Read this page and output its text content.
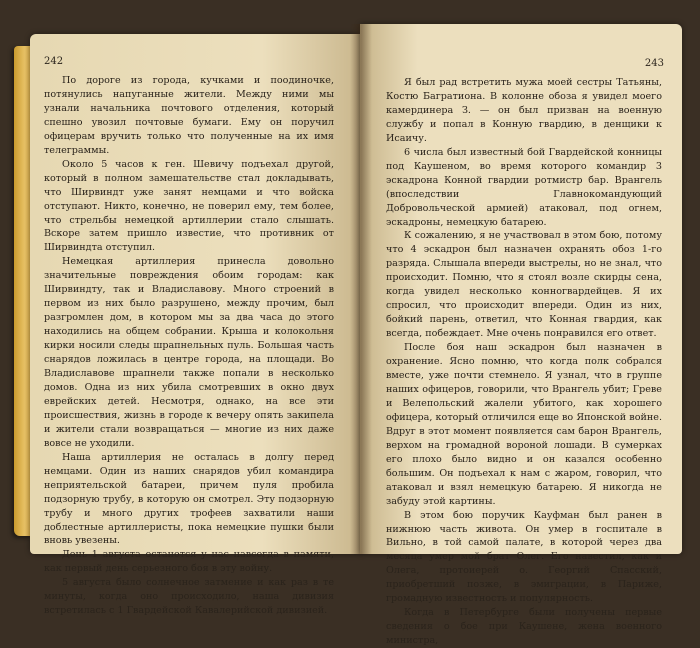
242

По дороге из города, кучками и поодиночке, потянулись напуганные жители. Между ними мы узнали начальника почтового отделения, который спешно увозил почтовые бумаги. Ему он поручил офицерам вручить только что полученные на их имя телеграммы.

Около 5 часов к ген. Шевичу подъехал другой, который в полном замешательстве стал докладывать, что Ширвиндт уже занят немцами и что войска отступают. Никто, конечно, не поверил ему, тем более, что стрельбы немецкой артиллерии стало слышать. Вскоре затем пришло известие, что противник от Ширвиндта отступил.

Немецкая артиллерия принесла довольно значительные повреждения обоим городам: как Ширвиндту, так и Владиславову. Много строений в первом из них было разрушено, между прочим, был разгромлен дом, в котором мы за два часа до этого находились на общем собрании. Крыша и колокольня кирки носили следы шрапнельных пуль. Большая часть снарядов ложилась в центре города, на площади. Во Владиславове шрапнели также попали в несколько домов. Одна из них убила смотревших в окно двух еврейских детей. Несмотря, однако, на все эти происшествия, жизнь в городе к вечеру опять закипела и жители стали возвращаться — многие из них даже вовсе не уходили.

Наша артиллерия не осталась в долгу перед немцами. Один из наших снарядов убил командира неприятельской батареи, причем пуля пробила подзорную трубу, в которую он смотрел. Эту подзорную трубу и много других трофеев захватили наши доблестные артиллеристы, пока немецкие пушки были вновь увезены.

День 1 августа останется у нас навсегда в памяти, как первый день серьезного боя в эту войну.

5 августа было солнечное затмение и как раз в те минуты, когда оно происходило, наша дивизия встретилась с 1 Гвардейской Кавалерийской дивизией.

243

Я был рад встретить мужа моей сестры Татьяны, Костю Багратиона. В колонне обоза я увидел моего камердинера З. — он был призван на военную службу и попал в Конную гвардию, в денщики к Исаичу.

6 числа был известный бой Гвардейской конницы под Каушеном, во время которого командир 3 эскадрона Конной гвардии ротмистр бар. Врангель (впоследствии Главнокомандующий Добровольческой армией) атаковал, под огнем, эскадроны, немецкую батарею.

К сожалению, я не участвовал в этом бою, потому что 4 эскадрон был назначен охранять обоз 1-го разряда. Слышала впереди выстрелы, но не знал, что происходит. Помню, что я стоял возле скирды сена, когда увидел несколько конногвардейцев. Я их спросил, что происходит впереди. Один из них, бойкий парень, ответил, что Конная гвардия, как всегда, побеждает. Мне очень понравился его ответ.

После боя наш эскадрон был назначен в охранение. Ясно помню, что когда полк собрался вместе, уже почти стемнело. Я узнал, что в группе наших офицеров, говорили, что Врангель убит; Греве и Велепольский жалели убитого, как хорошего офицера, который отличился еще во Японской войне. Вдруг в этот момент появляется сам барон Врангель, верхом на громадной вороной лошади. В сумерках его плохо было видно и он казался особенно большим. Он подъехал к нам с жаром, говорил, что атаковал и взял немецкую батарею. Я никогда не забуду этой картины.

В этом бою поручик Кауфман был ранен в нижнюю часть живота. Он умер в госпитале в Вильно, в той самой палате, в которой через два месяца умер мой брат Олег. Его навестил, как и Олега, протоиерей о. Георгий Спасский, приобретший позже, в эмиграции, в Париже, громадную известность и популярность.

Когда в Петербурге были получены первые сведения о бое при Каушене, жена военного министра,
